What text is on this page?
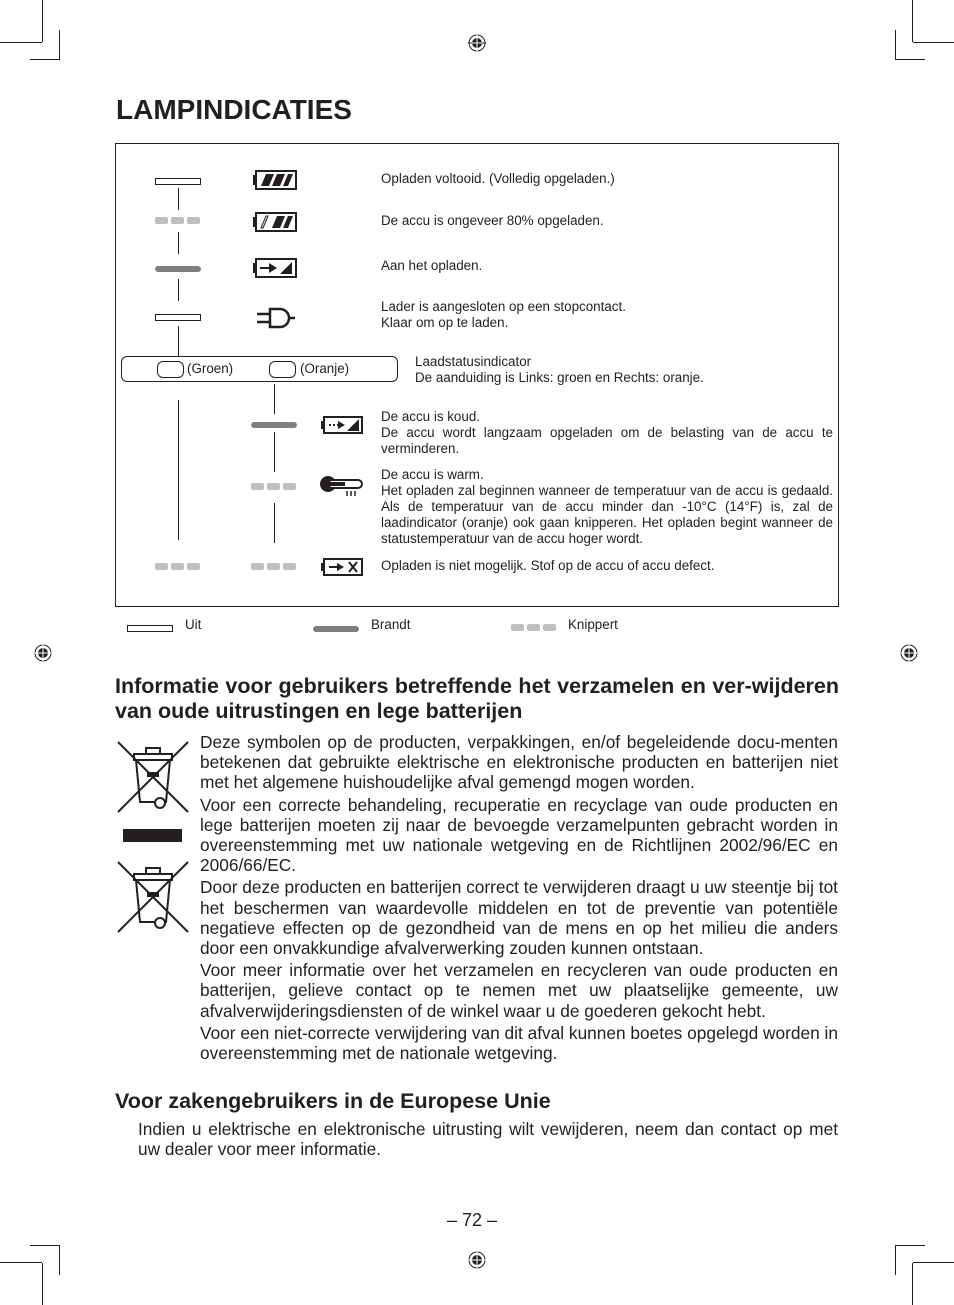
LAMPINDICATIES
Opladen voltooid. (Volledig opgeladen.)
De accu is ongeveer 80% opgeladen.
Aan het opladen.
Lader is aangesloten op een stopcontact.
Klaar om op te laden.
(Groen)	(Oranje)	Laadstatusindicator
De aanduiding is Links: groen en Rechts: oranje.
De accu is koud.
De accu wordt langzaam opgeladen om de belasting van de accu te verminderen.
De accu is warm.
Het opladen zal beginnen wanneer de temperatuur van de accu is gedaald. Als de temperatuur van de accu minder dan -10°C (14°F) is, zal de laadindicator (oranje) ook gaan knipperen. Het opladen begint wanneer de statustemperatuur van de accu hoger wordt.
Opladen is niet mogelijk. Stof op de accu of accu defect.
Uit	Brandt	Knippert
Informatie voor gebruikers betreffende het verzamelen en ver-wijderen van oude uitrustingen en lege batterijen

Deze symbolen op de producten, verpakkingen, en/of begeleidende docu-menten betekenen dat gebruikte elektrische en elektronische producten en batterijen niet met het algemene huishoudelijke afval gemengd mogen worden.

Voor een correcte behandeling, recuperatie en recyclage van oude producten en lege batterijen moeten zij naar de bevoegde verzamelpunten gebracht worden in overeenstemming met uw nationale wetgeving en de Richtlijnen 2002/96/EC en 2006/66/EC.

Door deze producten en batterijen correct te verwijderen draagt u uw steentje bij tot het beschermen van waardevolle middelen en tot de preventie van potentiële negatieve effecten op de gezondheid van de mens en op het milieu die anders door een onvakkundige afvalverwerking zouden kunnen ontstaan.

Voor meer informatie over het verzamelen en recycleren van oude producten en batterijen, gelieve contact op te nemen met uw plaatselijke gemeente, uw afvalverwijderingsdiensten of de winkel waar u de goederen gekocht hebt.

Voor een niet-correcte verwijdering van dit afval kunnen boetes opgelegd worden in overeenstemming met de nationale wetgeving.

Voor zakengebruikers in de Europese Unie
Indien u elektrische en elektronische uitrusting wilt vewijderen, neem dan contact op met uw dealer voor meer informatie.
– 72 –
